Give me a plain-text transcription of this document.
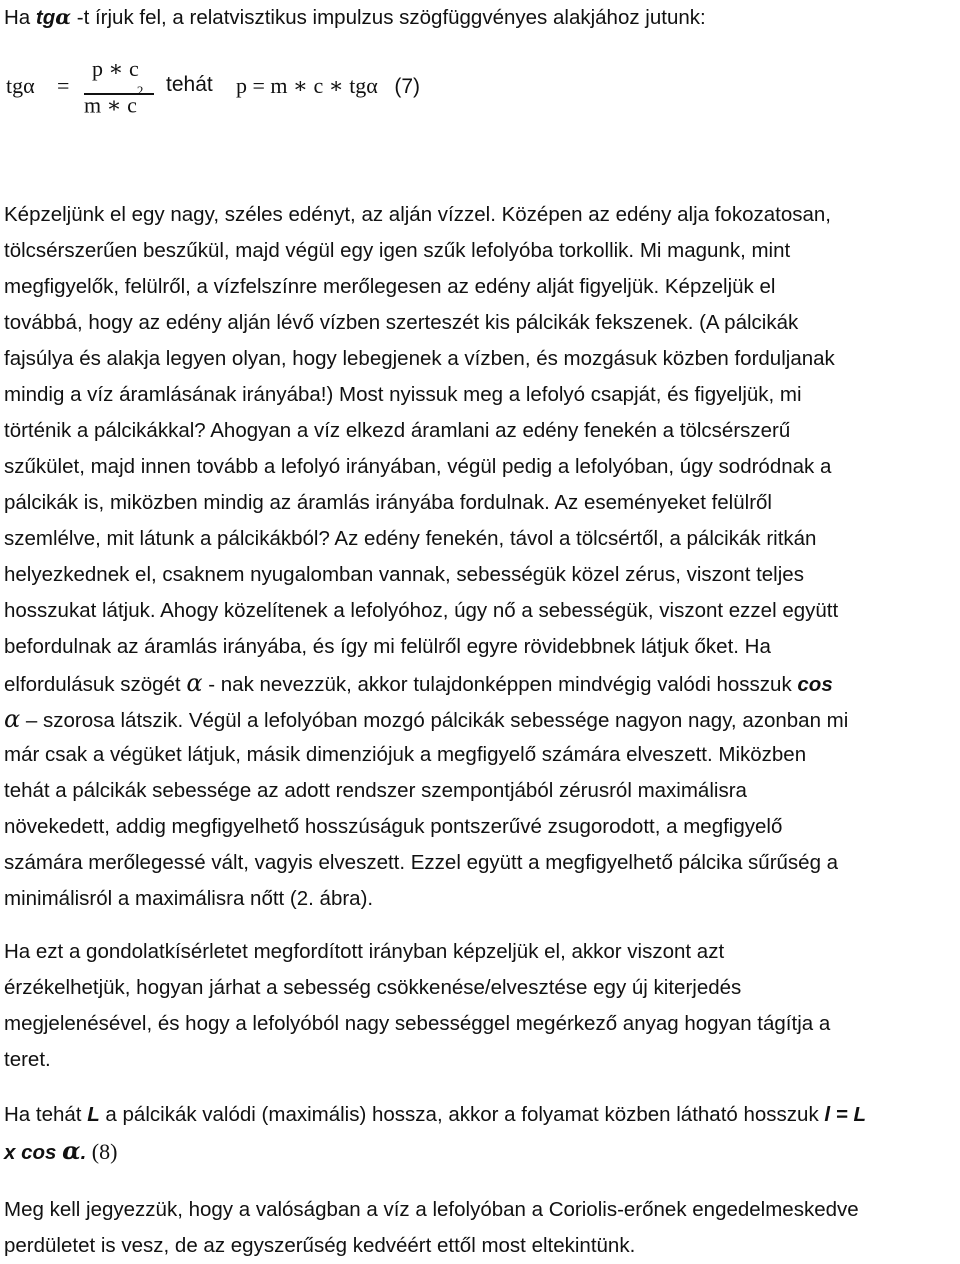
Ha tgα -t írjuk fel, a relatvisztikus impulzus szögfüggvényes alakjához jutunk:
tgα =
p ∗ c
m ∗ $c^2$ tehát p = m ∗ c ∗ tgα (7)
Képzeljünk el egy nagy, széles edényt, az alján vízzel. Középen az edény alja fokozatosan,
tölcsérszerűen beszűkül, majd végül egy igen szűk lefolyóba torkollik. Mi magunk, mint
megfigyelők, felülről, a vízfelszínre merőlegesen az edény alját figyeljük. Képzeljük el
továbbá, hogy az edény alján lévő vízben szerteszét kis pálcikák fekszenek. (A pálcikák
fajsúlya és alakja legyen olyan, hogy lebegjenek a vízben, és mozgásuk közben forduljanak
mindig a víz áramlásának irányába!) Most nyissuk meg a lefolyó csapját, és figyeljük, mi
történik a pálcikákkal? Ahogyan a víz elkezd áramlani az edény fenekén a tölcsérszerű
szűkület, majd innen tovább a lefolyó irányában, végül pedig a lefolyóban, úgy sodródnak a
pálcikák is, miközben mindig az áramlás irányába fordulnak. Az eseményeket felülről
szemlélve, mit látunk a pálcikákból? Az edény fenekén, távol a tölcsértől, a pálcikák ritkán
helyezkednek el, csaknem nyugalomban vannak, sebességük közel zérus, viszont teljes
hosszukat látjuk. Ahogy közelítenek a lefolyóhoz, úgy nő a sebességük, viszont ezzel együtt
befordulnak az áramlás irányába, és így mi felülről egyre rövidebbnek látjuk őket. Ha
elfordulásuk szögét α - nak nevezzük, akkor tulajdonképpen mindvégig valódi hosszuk cos
α – szorosa látszik. Végül a lefolyóban mozgó pálcikák sebessége nagyon nagy, azonban mi
már csak a végüket látjuk, másik dimenziójuk a megfigyelő számára elveszett. Miközben
tehát a pálcikák sebessége az adott rendszer szempontjából zérusról maximálisra
növekedett, addig megfigyelhető hosszúságuk pontszerűvé zsugorodott, a megfigyelő
számára merőlegessé vált, vagyis elveszett. Ezzel együtt a megfigyelhető pálcika sűrűség a
minimálisról a maximálisra nőtt (2. ábra).
Ha ezt a gondolatkísérletet megfordított irányban képzeljük el, akkor viszont azt
érzékelhetjük, hogyan járhat a sebesség csökkenése/elvesztése egy új kiterjedés
megjelenésével, és hogy a lefolyóból nagy sebességgel megérkező anyag hogyan tágítja a
teret.
Ha tehát L a pálcikák valódi (maximális) hossza, akkor a folyamat közben látható hosszuk l = L
x cos α. (8)
Meg kell jegyezzük, hogy a valóságban a víz a lefolyóban a Coriolis-erőnek engedelmeskedve
perdületet is vesz, de az egyszerűség kedvéért ettől most eltekintünk.
